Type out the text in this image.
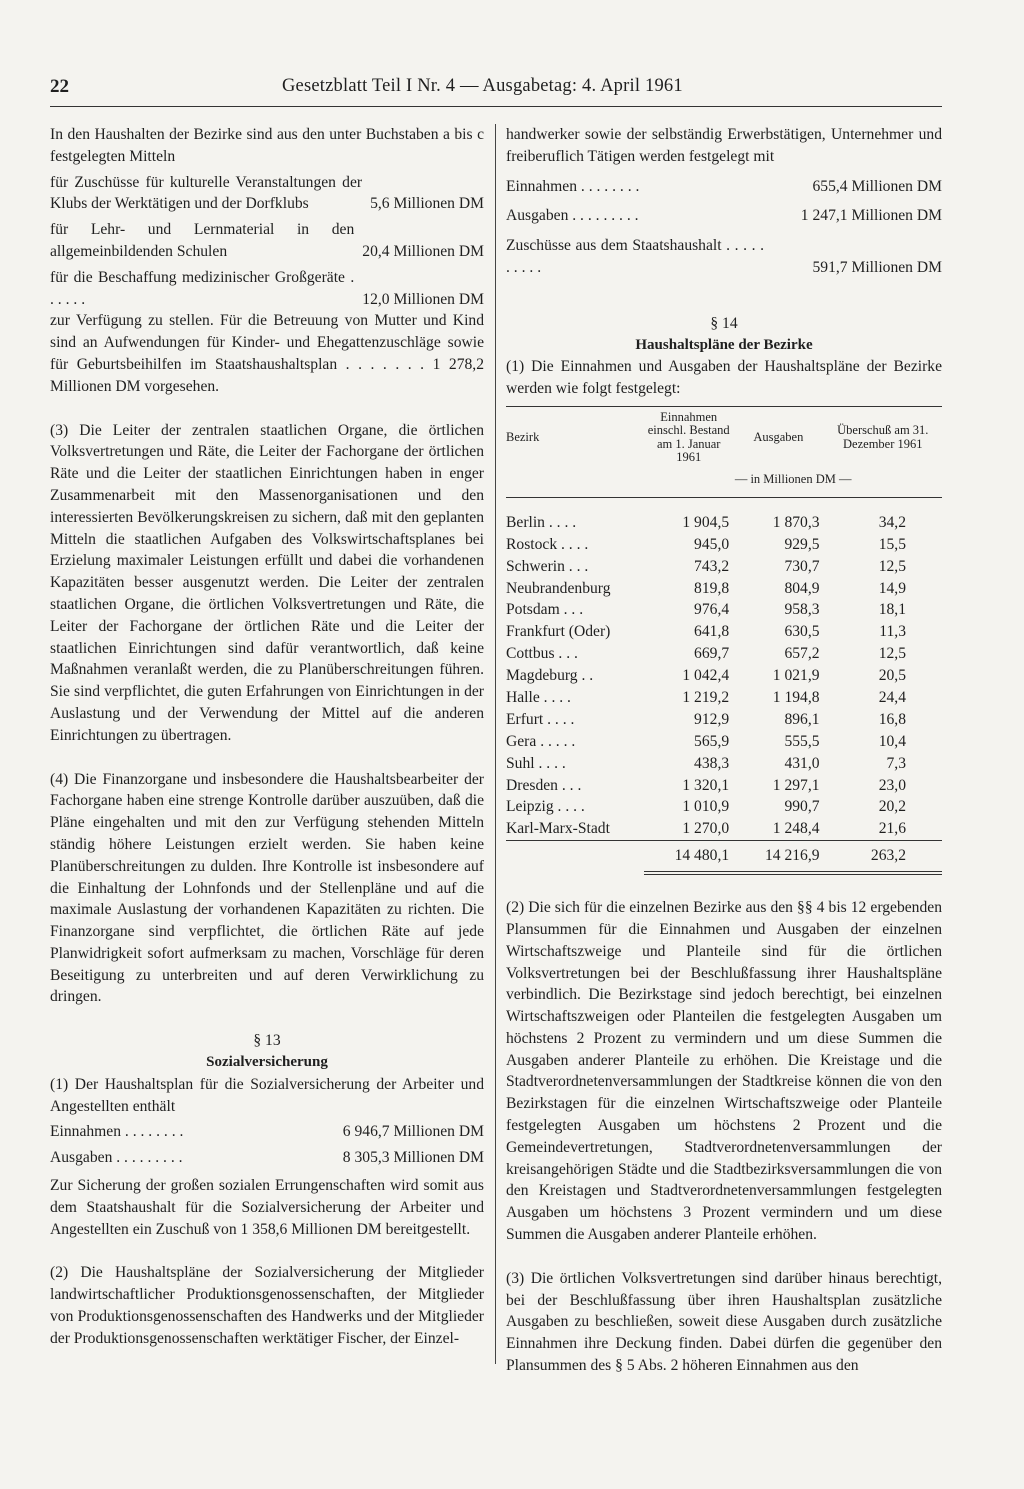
22	Gesetzblatt Teil I Nr. 4 — Ausgabetag: 4. April 1961

In den Haushalten der Bezirke sind aus den unter Buchstaben a bis c festgelegten Mitteln

für Zuschüsse für kulturelle Veranstaltungen der Klubs der Werktätigen und der Dorfklubs	5,6 Millionen DM
für Lehr- und Lernmaterial in den allgemeinbildenden Schulen	20,4 Millionen DM
für die Beschaffung medizinischer Großgeräte . . . . . .	12,0 Millionen DM

zur Verfügung zu stellen. Für die Betreuung von Mutter und Kind sind an Aufwendungen für Kinder- und Ehegattenzuschläge sowie für Geburtsbeihilfen im Staatshaushaltsplan . . . . . . . 1 278,2 Millionen DM vorgesehen.

(3) Die Leiter der zentralen staatlichen Organe, die örtlichen Volksvertretungen und Räte, die Leiter der Fachorgane der örtlichen Räte und die Leiter der staatlichen Einrichtungen haben in enger Zusammenarbeit mit den Massenorganisationen und den interessierten Bevölkerungskreisen zu sichern, daß mit den geplanten Mitteln die staatlichen Aufgaben des Volkswirtschaftsplanes bei Erzielung maximaler Leistungen erfüllt und dabei die vorhandenen Kapazitäten besser ausgenutzt werden. Die Leiter der zentralen staatlichen Organe, die örtlichen Volksvertretungen und Räte, die Leiter der Fachorgane der örtlichen Räte und die Leiter der staatlichen Einrichtungen sind dafür verantwortlich, daß keine Maßnahmen veranlaßt werden, die zu Planüberschreitungen führen. Sie sind verpflichtet, die guten Erfahrungen von Einrichtungen in der Auslastung und der Verwendung der Mittel auf die anderen Einrichtungen zu übertragen.

(4) Die Finanzorgane und insbesondere die Haushaltsbearbeiter der Fachorgane haben eine strenge Kontrolle darüber auszuüben, daß die Pläne eingehalten und mit den zur Verfügung stehenden Mitteln ständig höhere Leistungen erzielt werden. Sie haben keine Planüberschreitungen zu dulden. Ihre Kontrolle ist insbesondere auf die Einhaltung der Lohnfonds und der Stellenpläne und auf die maximale Auslastung der vorhandenen Kapazitäten zu richten. Die Finanzorgane sind verpflichtet, die örtlichen Räte auf jede Planwidrigkeit sofort aufmerksam zu machen, Vorschläge für deren Beseitigung zu unterbreiten und auf deren Verwirklichung zu dringen.

§ 13

Sozialversicherung

(1) Der Haushaltsplan für die Sozialversicherung der Arbeiter und Angestellten enthält

Einnahmen . . . . . . . .	6 946,7 Millionen DM
Ausgaben . . . . . . . . .	8 305,3 Millionen DM

Zur Sicherung der großen sozialen Errungenschaften wird somit aus dem Staatshaushalt für die Sozialversicherung der Arbeiter und Angestellten ein Zuschuß von 1 358,6 Millionen DM bereitgestellt.

(2) Die Haushaltspläne der Sozialversicherung der Mitglieder landwirtschaftlicher Produktionsgenossenschaften, der Mitglieder von Produktionsgenossenschaften des Handwerks und der Mitglieder der Produktionsgenossenschaften werktätiger Fischer, der Einzel-

handwerker sowie der selbständig Erwerbstätigen, Unternehmer und freiberuflich Tätigen werden festgelegt mit

Einnahmen . . . . . . . .	655,4 Millionen DM
Ausgaben . . . . . . . . .	1 247,1 Millionen DM
Zuschüsse aus dem Staatshaushalt . . . . . . . . . .	591,7 Millionen DM

§ 14

Haushaltspläne der Bezirke

(1) Die Einnahmen und Ausgaben der Haushaltspläne der Bezirke werden wie folgt festgelegt:

Bezirk	Einnahmen einschl. Bestand am 1. Januar 1961	Ausgaben	Überschuß am 31. Dezember 1961
	— in Millionen DM —		
Berlin . . . .	1 904,5	1 870,3	34,2
Rostock . . . .	945,0	929,5	15,5
Schwerin . . .	743,2	730,7	12,5
Neubrandenburg	819,8	804,9	14,9
Potsdam . . .	976,4	958,3	18,1
Frankfurt (Oder)	641,8	630,5	11,3
Cottbus . . .	669,7	657,2	12,5
Magdeburg . .	1 042,4	1 021,9	20,5
Halle . . . .	1 219,2	1 194,8	24,4
Erfurt . . . .	912,9	896,1	16,8
Gera . . . . .	565,9	555,5	10,4
Suhl . . . .	438,3	431,0	7,3
Dresden . . .	1 320,1	1 297,1	23,0
Leipzig . . . .	1 010,9	990,7	20,2
Karl-Marx-Stadt	1 270,0	1 248,4	21,6
	14 480,1	14 216,9	263,2

(2) Die sich für die einzelnen Bezirke aus den §§ 4 bis 12 ergebenden Plansummen für die Einnahmen und Ausgaben der einzelnen Wirtschaftszweige und Planteile sind für die örtlichen Volksvertretungen bei der Beschlußfassung ihrer Haushaltspläne verbindlich. Die Bezirkstage sind jedoch berechtigt, bei einzelnen Wirtschaftszweigen oder Planteilen die festgelegten Ausgaben um höchstens 2 Prozent zu vermindern und um diese Summen die Ausgaben anderer Planteile zu erhöhen. Die Kreistage und die Stadtverordnetenversammlungen der Stadtkreise können die von den Bezirkstagen für die einzelnen Wirtschaftszweige oder Planteile festgelegten Ausgaben um höchstens 2 Prozent und die Gemeindevertretungen, Stadtverordnetenversammlungen der kreisangehörigen Städte und die Stadtbezirksversammlungen die von den Kreistagen und Stadtverordnetenversammlungen festgelegten Ausgaben um höchstens 3 Prozent vermindern und um diese Summen die Ausgaben anderer Planteile erhöhen.

(3) Die örtlichen Volksvertretungen sind darüber hinaus berechtigt, bei der Beschlußfassung über ihren Haushaltsplan zusätzliche Ausgaben zu beschließen, soweit diese Ausgaben durch zusätzliche Einnahmen ihre Deckung finden. Dabei dürfen die gegenüber den Plansummen des § 5 Abs. 2 höheren Einnahmen aus den
